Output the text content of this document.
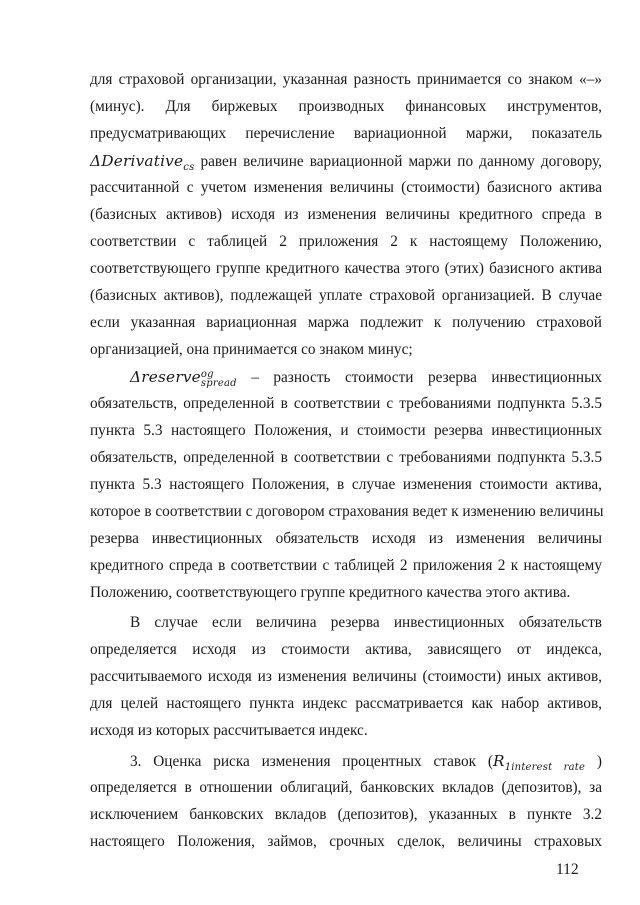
для страховой организации, указанная разность принимается со знаком «–»
(минус). Для биржевых производных финансовых инструментов,
предусматривающих перечисление вариационной маржи, показатель
ΔDerivative$_{cs}$ равен величине вариационной маржи по данному договору,
рассчитанной с учетом изменения величины (стоимости) базисного актива
(базисных активов) исходя из изменения величины кредитного спреда в
соответствии с таблицей 2 приложения 2 к настоящему Положению,
соответствующего группе кредитного качества этого (этих) базисного актива
(базисных активов), подлежащей уплате страховой организацией. В случае
если указанная вариационная маржа подлежит к получению страховой
организацией, она принимается со знаком минус;
Δreserve og
spread – разность стоимости резерва инвестиционных
обязательств, определенной в соответствии с требованиями подпункта 5.3.5
пункта 5.3 настоящего Положения, и стоимости резерва инвестиционных
обязательств, определенной в соответствии с требованиями подпункта 5.3.5
пункта 5.3 настоящего Положения, в случае изменения стоимости актива,
которое в соответствии с договором страхования ведет к изменению величины
резерва инвестиционных обязательств исходя из изменения величины
кредитного спреда в соответствии с таблицей 2 приложения 2 к настоящему
Положению, соответствующего группе кредитного качества этого актива.
В случае если величина резерва инвестиционных обязательств
определяется исходя из стоимости актива, зависящего от индекса,
рассчитываемого исходя из изменения величины (стоимости) иных активов,
для целей настоящего пункта индекс рассматривается как набор активов,
исходя из которых рассчитывается индекс.
3. Оценка риска изменения процентных ставок ($R_{1interest rate}$ )
определяется в отношении облигаций, банковских вкладов (депозитов), за
исключением банковских вкладов (депозитов), указанных в пункте 3.2
настоящего Положения, займов, срочных сделок, величины страховых
112
